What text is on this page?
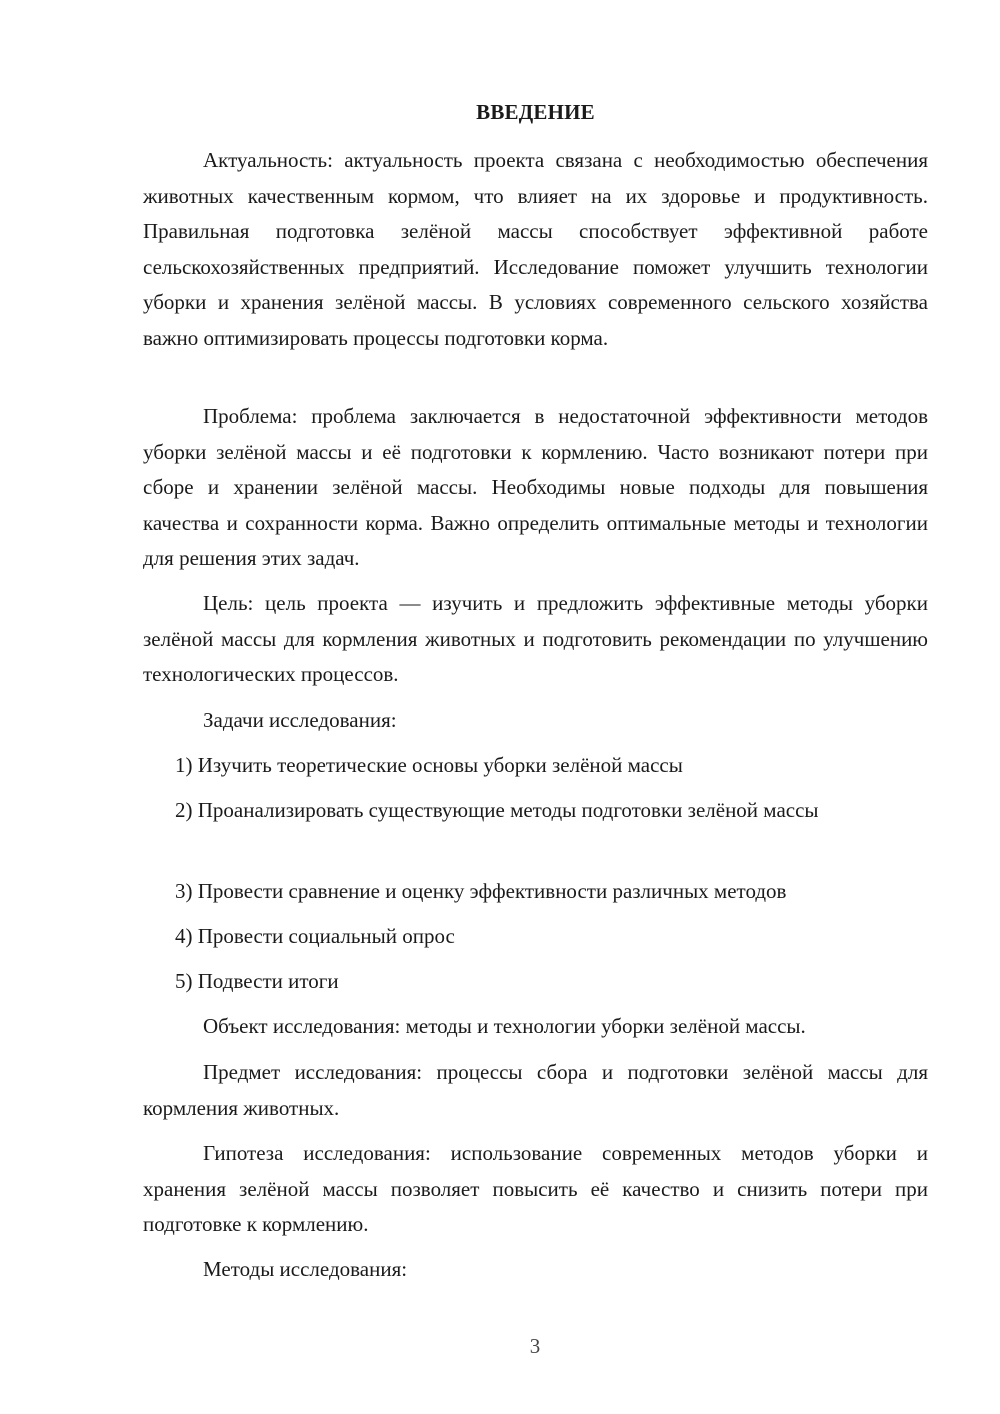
ВВЕДЕНИЕ

Актуальность: актуальность проекта связана с необходимостью обеспечения животных качественным кормом, что влияет на их здоровье и продуктивность. Правильная подготовка зелёной массы способствует эффективной работе сельскохозяйственных предприятий. Исследование поможет улучшить технологии уборки и хранения зелёной массы. В условиях современного сельского хозяйства важно оптимизировать процессы подготовки корма.

Проблема: проблема заключается в недостаточной эффективности методов уборки зелёной массы и её подготовки к кормлению. Часто возникают потери при сборе и хранении зелёной массы. Необходимы новые подходы для повышения качества и сохранности корма. Важно определить оптимальные методы и технологии для решения этих задач.

Цель: цель проекта — изучить и предложить эффективные методы уборки зелёной массы для кормления животных и подготовить рекомендации по улучшению технологических процессов.

Задачи исследования:

1) Изучить теоретические основы уборки зелёной массы

2) Проанализировать существующие методы подготовки зелёной массы

3) Провести сравнение и оценку эффективности различных методов

4) Провести социальный опрос

5) Подвести итоги

Объект исследования: методы и технологии уборки зелёной массы.

Предмет исследования: процессы сбора и подготовки зелёной массы для кормления животных.

Гипотеза исследования: использование современных методов уборки и хранения зелёной массы позволяет повысить её качество и снизить потери при подготовке к кормлению.

Методы исследования:

3
